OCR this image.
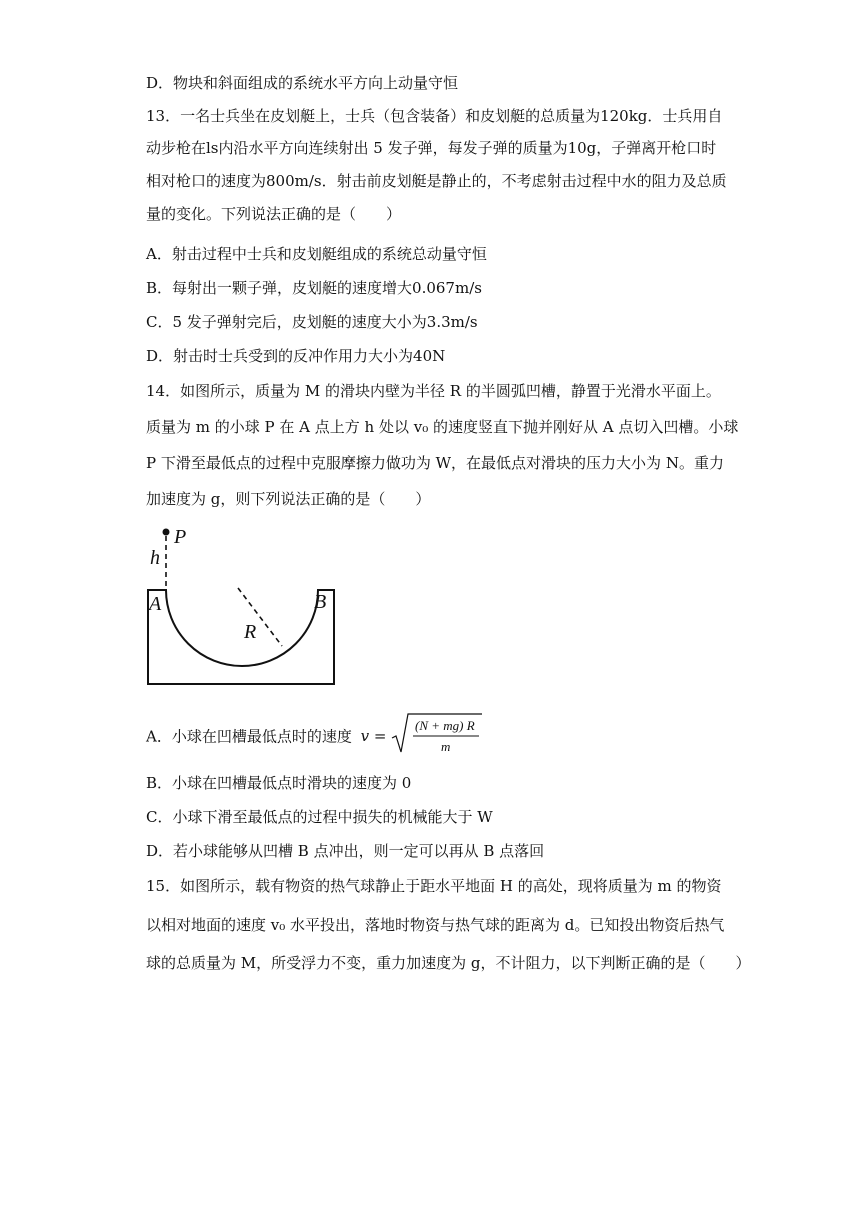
D．物块和斜面组成的系统水平方向上动量守恒
13．一名士兵坐在皮划艇上，士兵（包含装备）和皮划艇的总质量为120kg．士兵用自
动步枪在ls内沿水平方向连续射出 5 发子弹，每发子弹的质量为10g，子弹离开枪口时
相对枪口的速度为800m/s．射击前皮划艇是静止的，不考虑射击过程中水的阻力及总质
量的变化。下列说法正确的是（　　）
A．射击过程中士兵和皮划艇组成的系统总动量守恒
B．每射出一颗子弹，皮划艇的速度增大0.067m/s
C．5 发子弹射完后，皮划艇的速度大小为3.3m/s
D．射击时士兵受到的反冲作用力大小为40N
14．如图所示，质量为 M 的滑块内壁为半径 R 的半圆弧凹槽，静置于光滑水平面上。
质量为 m 的小球 P 在 A 点上方 h 处以 v₀ 的速度竖直下抛并刚好从 A 点切入凹槽。小球
P 下滑至最低点的过程中克服摩擦力做功为 W，在最低点对滑块的压力大小为 N。重力
加速度为 g，则下列说法正确的是（　　）
P
h
A	B
R
A．小球在凹槽最低点时的速度 v =
(N + mg) R
m
B．小球在凹槽最低点时滑块的速度为 0
C．小球下滑至最低点的过程中损失的机械能大于 W
D．若小球能够从凹槽 B 点冲出，则一定可以再从 B 点落回
15．如图所示，载有物资的热气球静止于距水平地面 H 的高处，现将质量为 m 的物资
以相对地面的速度 v₀ 水平投出，落地时物资与热气球的距离为 d。已知投出物资后热气
球的总质量为 M，所受浮力不变，重力加速度为 g，不计阻力，以下判断正确的是（　　）
